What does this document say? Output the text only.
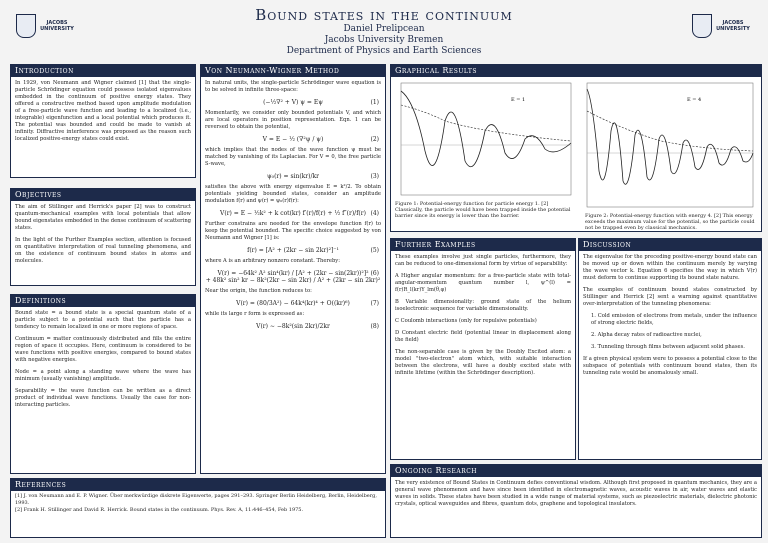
JACOBS UNIVERSITY
Bound states in the continuum
Daniel Prelipcean
Jacobs University Bremen
Department of Physics and Earth Sciences
JACOBS UNIVERSITY
Introduction

In 1929, von Neumann and Wigner claimed [1] that the single-particle Schrödinger equation could possess isolated eigenvalues embedded in the continuum of positive energy states. They offered a constructive method based upon amplitude modulation of a free-particle wave function and leading to a localized (i.e., integrable) eigenfunction and a local potential which produces it. The potential was bounded and could be made to vanish at infinity. Diffractive interference was proposed as the reason such localized positive-energy states could exist.

Objectives

The aim of Stillinger and Herrick's paper [2] was to construct quantum-mechanical examples with local potentials that allow bound eigenstates embedded in the dense continuum of scattering states.

In the light of the Further Examples section, attention is focused on quantitative interpretation of real tunneling phenomena, and on the existence of continuum bound states in atoms and molecules.

Definitions

Bound state = a bound state is a special quantum state of a particle subject to a potential such that the particle has a tendency to remain localized in one or more regions of space.

Continuum = matter continuously distributed and fills the entire region of space it occupies. Here, continuum is considered to be wave functions with positive energies, compared to bound states with negative energies.

Node = a point along a standing wave where the wave has minimum (usually vanishing) amplitude.

Separability = the wave function can be written as a direct product of individual wave functions. Usually the case for non-interacting particles.

Von Neumann-Wigner Method

In natural units, the single-particle Schrödinger wave equation is to be solved in infinite three-space:

(−½∇² + V) ψ = Eψ	(1)

Momentarily, we consider only bounded potentials V, and which are local operators in position representation. Eqn. 1 can be reversed to obtain the potential,

V = E − ½ (∇²ψ / ψ)	(2)

which implies that the nodes of the wave function ψ must be matched by vanishing of its Laplacian. For V = 0, the free particle S-wave,

ψ₀(r) = sin(kr)/kr	(3)

satisfies the above with energy eigenvalue E = k²/2. To obtain potentials yielding bounded states, consider an amplitude modulation f(r) and ψ(r) = ψ₀(r)f(r):

V(r) = E − ½k² + k cot(kr) f′(r)/f(r) + ½ f″(r)/f(r) (4)

Further constrains are needed for the envelope function f(r) to keep the potential bounded. The specific choice suggested by von Neumann and Wigner [1] is:

f(r) = [A² + (2kr − sin 2kr)²]⁻¹	(5)

where A is an arbitrary nonzero constant. Thereby:

V(r) = −64k² A² sin⁴(kr) / [A² + (2kr − sin(2kr))²]²
+ 48k² sin² kr − 8k²(2kr − sin 2kr) / A² + (2kr − sin 2kr)²
(6)

Near the origin, the function reduces to:

V(r) = (80/3A²) − 64k⁴(kr)⁴ + O((kr)⁶)	(7)

while its large r form is expressed as:

V(r) ∼ −8k²(sin 2kr)/2kr	(8)
Graphical Results
E = 1
Figure 1: Potential-energy function for particle energy 1. [2] Classically, the particle would have been trapped inside the potential barrier since its energy is lower than the barrier.
E = 4
Figure 2: Potential-energy function with energy 4. [2] This energy exceeds the maximum value for the potential, so the particle could not be trapped even by classical mechanics.
Further Examples

These examples involve just single particles, furthermore, they can be reduced to one-dimensional form by virtue of separability:

A Higher angular momentum: for a free-particle state with total-angular-momentum quantum number l, ψ^(l) = f(r)R_l(kr)Y_lm(θ,φ)

B Variable dimensionality: ground state of the helium isoelectronic sequence for variable dimensionality.

C Coulomb interactions (only for repulsive potentials)

D Constant electric field (potential linear in displacement along the field)

The non-separable case is given by the Doubly Excited atom: a model "two-electron" atom which, with suitable interaction between the electrons, will have a doubly excited state with infinite lifetime (within the Schrödinger description).

Discussion

The eigenvalue for the preceding positive-energy bound state can be moved up or down within the continuum merely by varying the wave vector k. Equation 6 specifies the way in which V(r) must deform to continue supporting its bound state nature.

The examples of continuum bound states constructed by Stillinger and Herrick [2] sent a warning against quantitative over-interpretation of the tunneling phenomena:

1. Cold emission of electrons from metals, under the influence of strong electric fields,

2. Alpha decay rates of radioactive nuclei,

3. Tunneling through films between adjacent solid phases.

If a given physical system were to possess a potential close to the subspace of potentials with continuum bound states, then its tunneling rate would be anomalously small.

Ongoing Research

The very existence of Bound States in Continuum defies conventional wisdom. Although first proposed in quantum mechanics, they are a general wave phenomenon and have since been identified in electromagnetic waves, acoustic waves in air, water waves and elastic waves in solids. These states have been studied in a wide range of material systems, such as piezoelectric materials, dielectric photonic crystals, optical waveguides and fibres, quantum dots, graphene and topological insulators.

References
[1] J. von Neumann and E. P. Wigner. Über merkwürdige diskrete Eigenwerte, pages 291–293. Springer Berlin Heidelberg, Berlin, Heidelberg, 1993.
[2] Frank H. Stillinger and David R. Herrick. Bound states in the continuum. Phys. Rev. A, 11:446–454, Feb 1975.
